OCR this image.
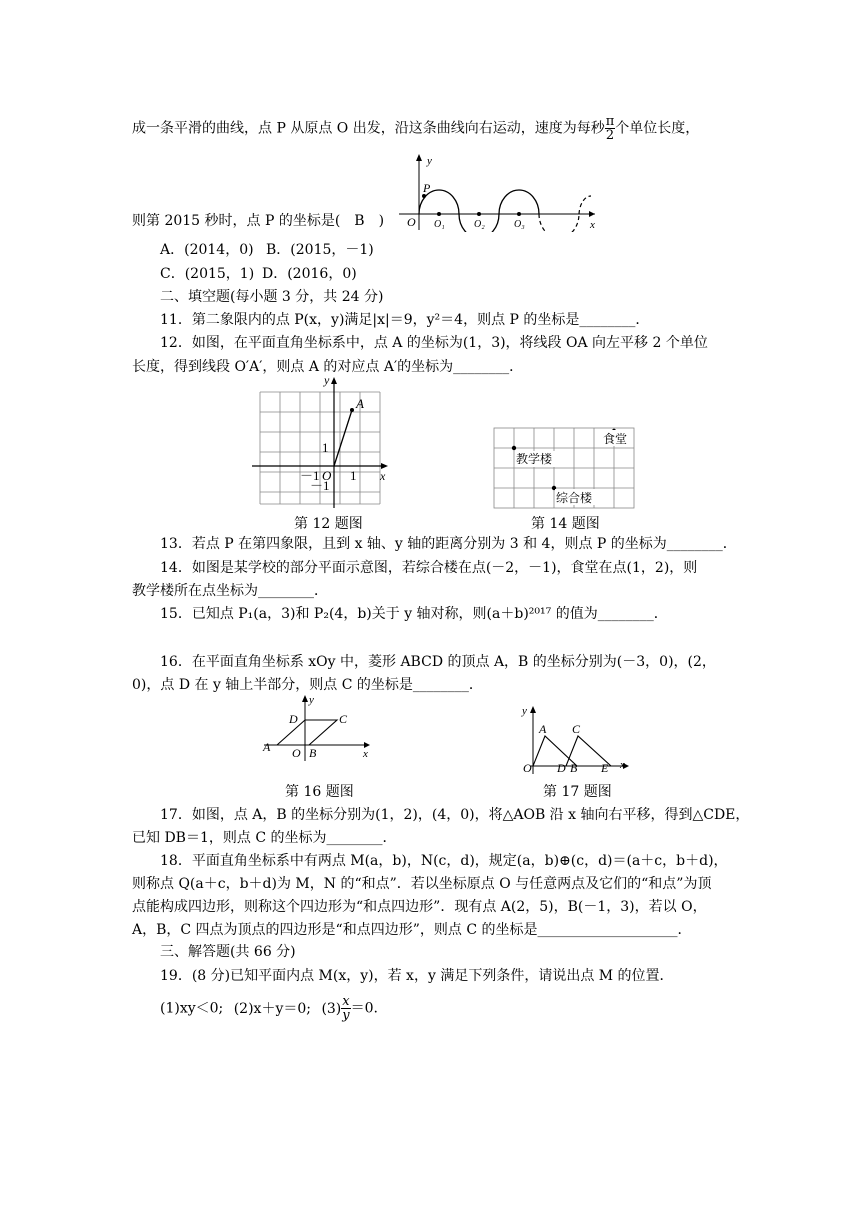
成一条平滑的曲线，点 P 从原点 O 出发，沿这条曲线向右运动，速度为每秒 $\frac{\pi}{2}$ 个单位长度，
y
x
O
P
O₁	O₂	O₃
则第 2015 秒时，点 P 的坐标是(　B　)
A．(2014，0) B．(2015，－1)
C．(2015，1) D．(2016，0)
二、填空题(每小题 3 分，共 24 分)
11．第二象限内的点 P(x，y)满足|x|＝9，y²＝4，则点 P 的坐标是________．
12．如图，在平面直角坐标系中，点 A 的坐标为(1，3)，将线段 OA 向左平移 2 个单位
长度，得到线段 O′A′，则点 A 的对应点 A′的坐标为________．
y
x
A
1
1
－1 O
－1
第 12 题图
食堂
教学楼
综合楼
第 14 题图
13．若点 P 在第四象限，且到 x 轴、y 轴的距离分别为 3 和 4，则点 P 的坐标为________．
14．如图是某学校的部分平面示意图，若综合楼在点(－2，－1)，食堂在点(1，2)，则
教学楼所在点坐标为________．
15．已知点 P₁(a，3)和 P₂(4，b)关于 y 轴对称，则(a＋b)²⁰¹⁷ 的值为________．
16．在平面直角坐标系 xOy 中，菱形 ABCD 的顶点 A，B 的坐标分别为(－3，0)，(2，
0)，点 D 在 y 轴上半部分，则点 C 的坐标是________．
y
x
A	B
C
D
O
第 16 题图
y
x
A C
O D B E
第 17 题图
17．如图，点 A，B 的坐标分别为(1，2)，(4，0)，将△AOB 沿 x 轴向右平移，得到△CDE，
已知 DB＝1，则点 C 的坐标为________．
18．平面直角坐标系中有两点 M(a，b)，N(c，d)，规定(a，b)⊕(c，d)＝(a＋c，b＋d)，
则称点 Q(a＋c，b＋d)为 M，N 的“和点”．若以坐标原点 O 与任意两点及它们的“和点”为顶
点能构成四边形，则称这个四边形为“和点四边形”．现有点 A(2，5)，B(－1，3)，若以 O，
A，B，C 四点为顶点的四边形是“和点四边形”，则点 C 的坐标是____________________．
三、解答题(共 66 分)
19．(8 分)已知平面内点 M(x，y)，若 x，y 满足下列条件，请说出点 M 的位置．
(1)xy＜0; (2)x＋y＝0; $(3) \frac{x}{y} =0$.
